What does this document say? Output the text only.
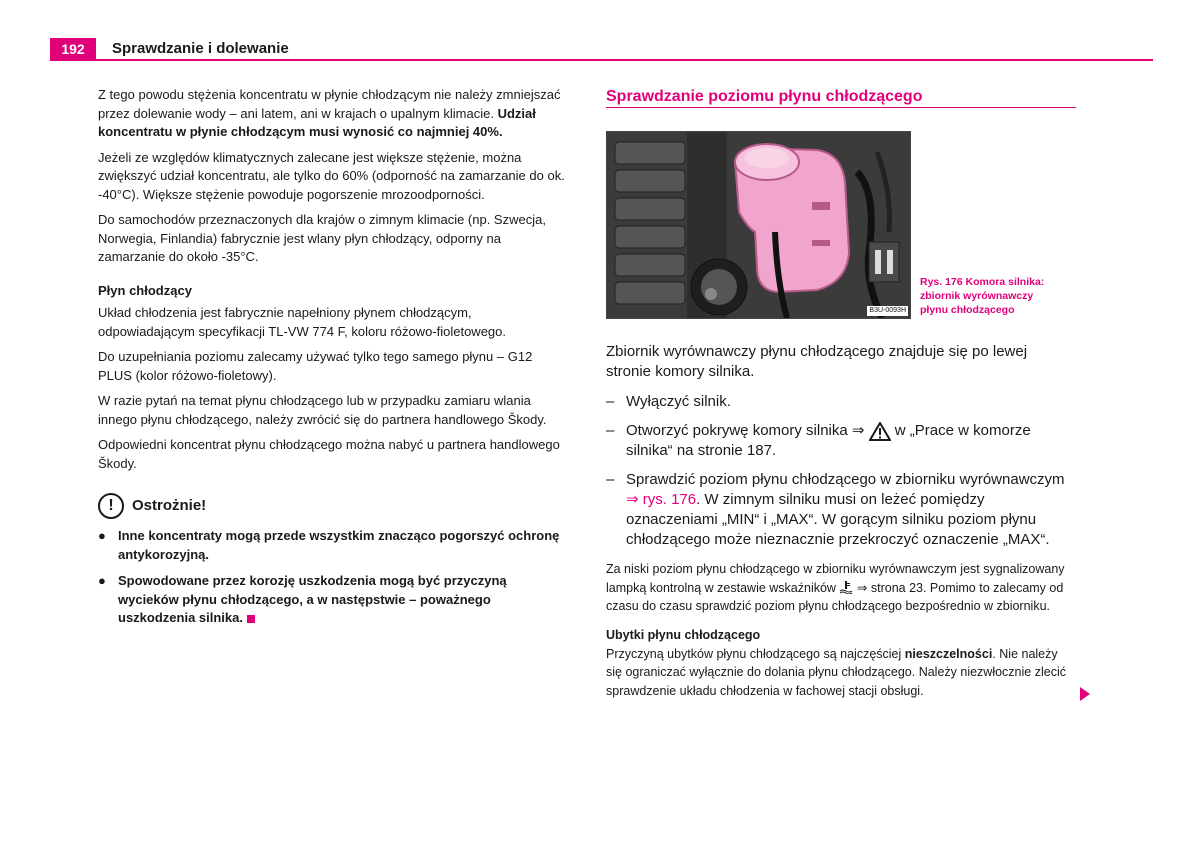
192	Sprawdzanie i dolewanie

Z tego powodu stężenia koncentratu w płynie chłodzącym nie należy zmniejszać przez dolewanie wody – ani latem, ani w krajach o upalnym klimacie. Udział koncentratu w płynie chłodzącym musi wynosić co najmniej 40%.

Jeżeli ze względów klimatycznych zalecane jest większe stężenie, można zwiększyć udział koncentratu, ale tylko do 60% (odporność na zamarzanie do ok. -40°C). Większe stężenie powoduje pogorszenie mrozoodporności.

Do samochodów przeznaczonych dla krajów o zimnym klimacie (np. Szwecja, Norwegia, Finlandia) fabrycznie jest wlany płyn chłodzący, odporny na zamarzanie do około -35°C.

Płyn chłodzący

Układ chłodzenia jest fabrycznie napełniony płynem chłodzącym, odpowiadającym specyfikacji TL-VW 774 F, koloru różowo-fioletowego.

Do uzupełniania poziomu zalecamy używać tylko tego samego płynu – G12 PLUS (kolor różowo-fioletowy).

W razie pytań na temat płynu chłodzącego lub w przypadku zamiaru wlania innego płynu chłodzącego, należy zwrócić się do partnera handlowego Škody.

Odpowiedni koncentrat płynu chłodzącego można nabyć u partnera handlowego Škody.

!	Ostrożnie!
● Inne koncentraty mogą przede wszystkim znacząco pogorszyć ochronę antykorozyjną.
● Spowodowane przez korozję uszkodzenia mogą być przyczyną wycieków płynu chłodzącego, a w następstwie – poważnego uszkodzenia silnika.
Sprawdzanie poziomu płynu chłodzącego
B3U-0093H
Rys. 176 Komora silnika:
zbiornik wyrównawczy
płynu chłodzącego

Zbiornik wyrównawczy płynu chłodzącego znajduje się po lewej stronie komory silnika.

– Wyłączyć silnik.
– Otworzyć pokrywę komory silnika ⇒  w „Prace w komorze silnika“ na stronie 187.
– Sprawdzić poziom płynu chłodzącego w zbiorniku wyrównawczym ⇒ rys. 176. W zimnym silniku musi on leżeć pomiędzy oznaczeniami „MIN“ i „MAX“. W gorącym silniku poziom płynu chłodzącego może nieznacznie przekroczyć oznaczenie „MAX“.

Za niski poziom płynu chłodzącego w zbiorniku wyrównawczym jest sygnalizowany lampką kontrolną w zestawie wskaźników  ⇒ strona 23. Pomimo to zalecamy od czasu do czasu sprawdzić poziom płynu chłodzącego bezpośrednio w zbiorniku.

Ubytki płynu chłodzącego

Przyczyną ubytków płynu chłodzącego są najczęściej nieszczelności. Nie należy się ograniczać wyłącznie do dolania płynu chłodzącego. Należy niezwłocznie zlecić sprawdzenie układu chłodzenia w fachowej stacji obsługi.
